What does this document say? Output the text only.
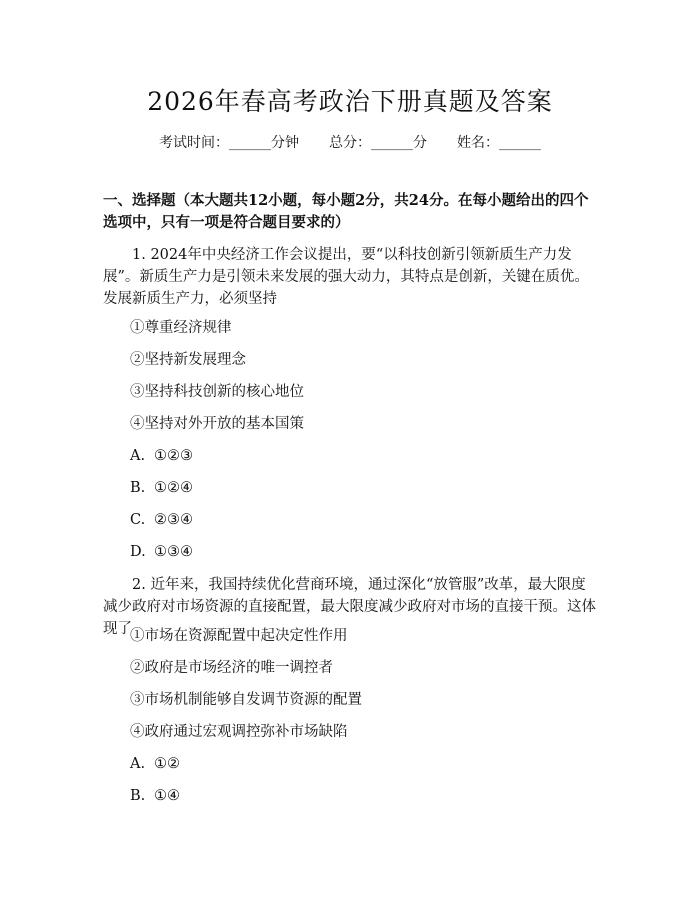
2026年春高考政治下册真题及答案
考试时间：______分钟 总分：______分 姓名：______
一、选择题（本大题共12小题，每小题2分，共24分。在每小题给出的四个选项中，只有一项是符合题目要求的）
1. 2024年中央经济工作会议提出，要“以科技创新引领新质生产力发展”。新质生产力是引领未来发展的强大动力，其特点是创新，关键在质优。发展新质生产力，必须坚持
①尊重经济规律
②坚持新发展理念
③坚持科技创新的核心地位
④坚持对外开放的基本国策
A. ①②③
B. ①②④
C. ②③④
D. ①③④
2. 近年来，我国持续优化营商环境，通过深化“放管服”改革，最大限度减少政府对市场资源的直接配置，最大限度减少政府对市场的直接干预。这体现了
①市场在资源配置中起决定性作用
②政府是市场经济的唯一调控者
③市场机制能够自发调节资源的配置
④政府通过宏观调控弥补市场缺陷
A. ①②
B. ①④
